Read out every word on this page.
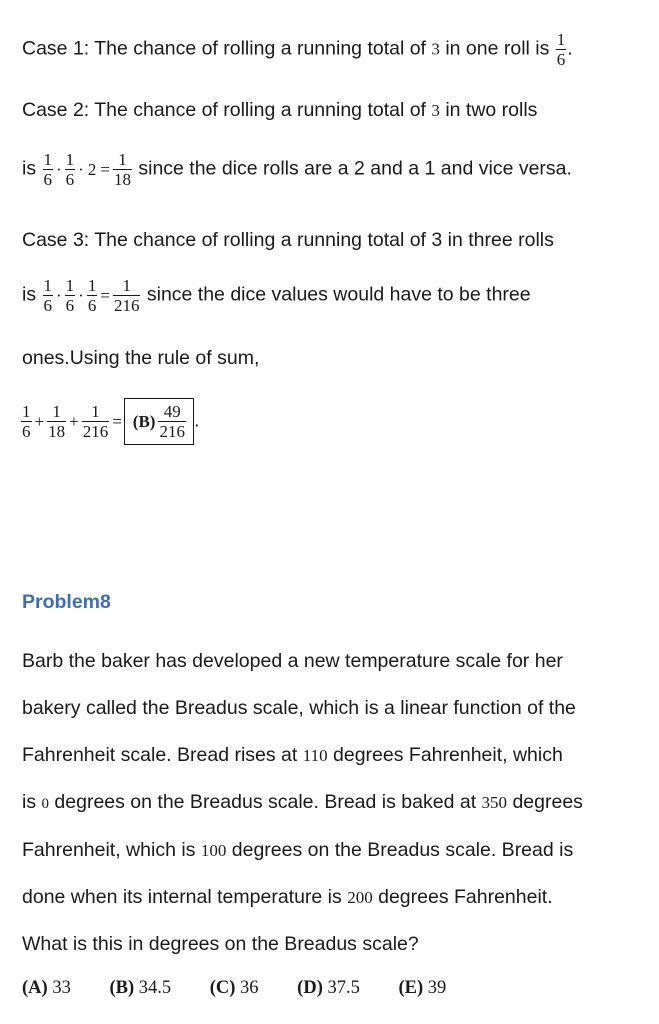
Case 1: The chance of rolling a running total of 3 in one roll is $\frac{1}{6}$ .
Case 2: The chance of rolling a running total of 3 in two rolls
is $\frac{1}{6} \cdot \frac{1}{6} \cdot 2 = \frac{1}{18}$ since the dice rolls are a 2 and a 1 and vice versa.
Case 3: The chance of rolling a running total of 3 in three rolls
is $\frac{1}{6} \cdot \frac{1}{6} \cdot \frac{1}{6} = \frac{1}{216}$ since the dice values would have to be three
ones.Using the rule of sum,
$\frac{1}{6} + \frac{1}{18} + \frac{1}{216} = (B) \frac{49}{216}$ .
Problem8
Barb the baker has developed a new temperature scale for her
bakery called the Breadus scale, which is a linear function of the
Fahrenheit scale. Bread rises at 110 degrees Fahrenheit, which
is 0 degrees on the Breadus scale. Bread is baked at 350 degrees
Fahrenheit, which is 100 degrees on the Breadus scale. Bread is
done when its internal temperature is 200 degrees Fahrenheit.
What is this in degrees on the Breadus scale?
(A) 33 (B) 34.5 (C) 36 (D) 37.5 (E) 39
